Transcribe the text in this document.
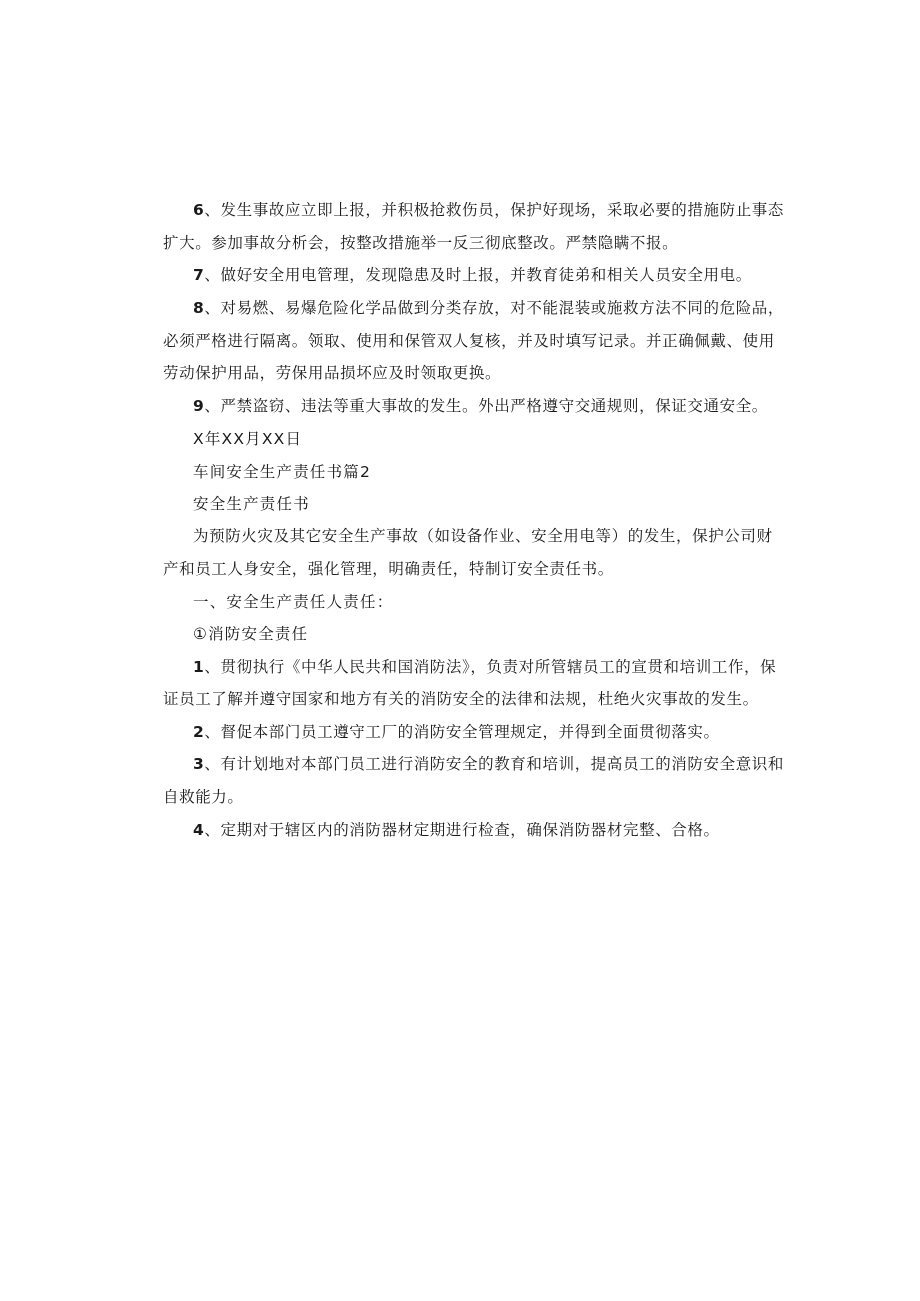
6、发生事故应立即上报，并积极抢救伤员，保护好现场，采取必要的措施防止事态
扩大。参加事故分析会，按整改措施举一反三彻底整改。严禁隐瞒不报。
7、做好安全用电管理，发现隐患及时上报，并教育徒弟和相关人员安全用电。
8、对易燃、易爆危险化学品做到分类存放，对不能混装或施救方法不同的危险品，
必须严格进行隔离。领取、使用和保管双人复核，并及时填写记录。并正确佩戴、使用
劳动保护用品，劳保用品损坏应及时领取更换。
9、严禁盗窃、违法等重大事故的发生。外出严格遵守交通规则，保证交通安全。
X年XX月XX日
车间安全生产责任书篇2
安全生产责任书
为预防火灾及其它安全生产事故（如设备作业、安全用电等）的发生，保护公司财
产和员工人身安全，强化管理，明确责任，特制订安全责任书。
一、安全生产责任人责任：
①消防安全责任
1、贯彻执行《中华人民共和国消防法》，负责对所管辖员工的宣贯和培训工作，保
证员工了解并遵守国家和地方有关的消防安全的法律和法规，杜绝火灾事故的发生。
2、督促本部门员工遵守工厂的消防安全管理规定，并得到全面贯彻落实。
3、有计划地对本部门员工进行消防安全的教育和培训，提高员工的消防安全意识和
自救能力。
4、定期对于辖区内的消防器材定期进行检查，确保消防器材完整、合格。
